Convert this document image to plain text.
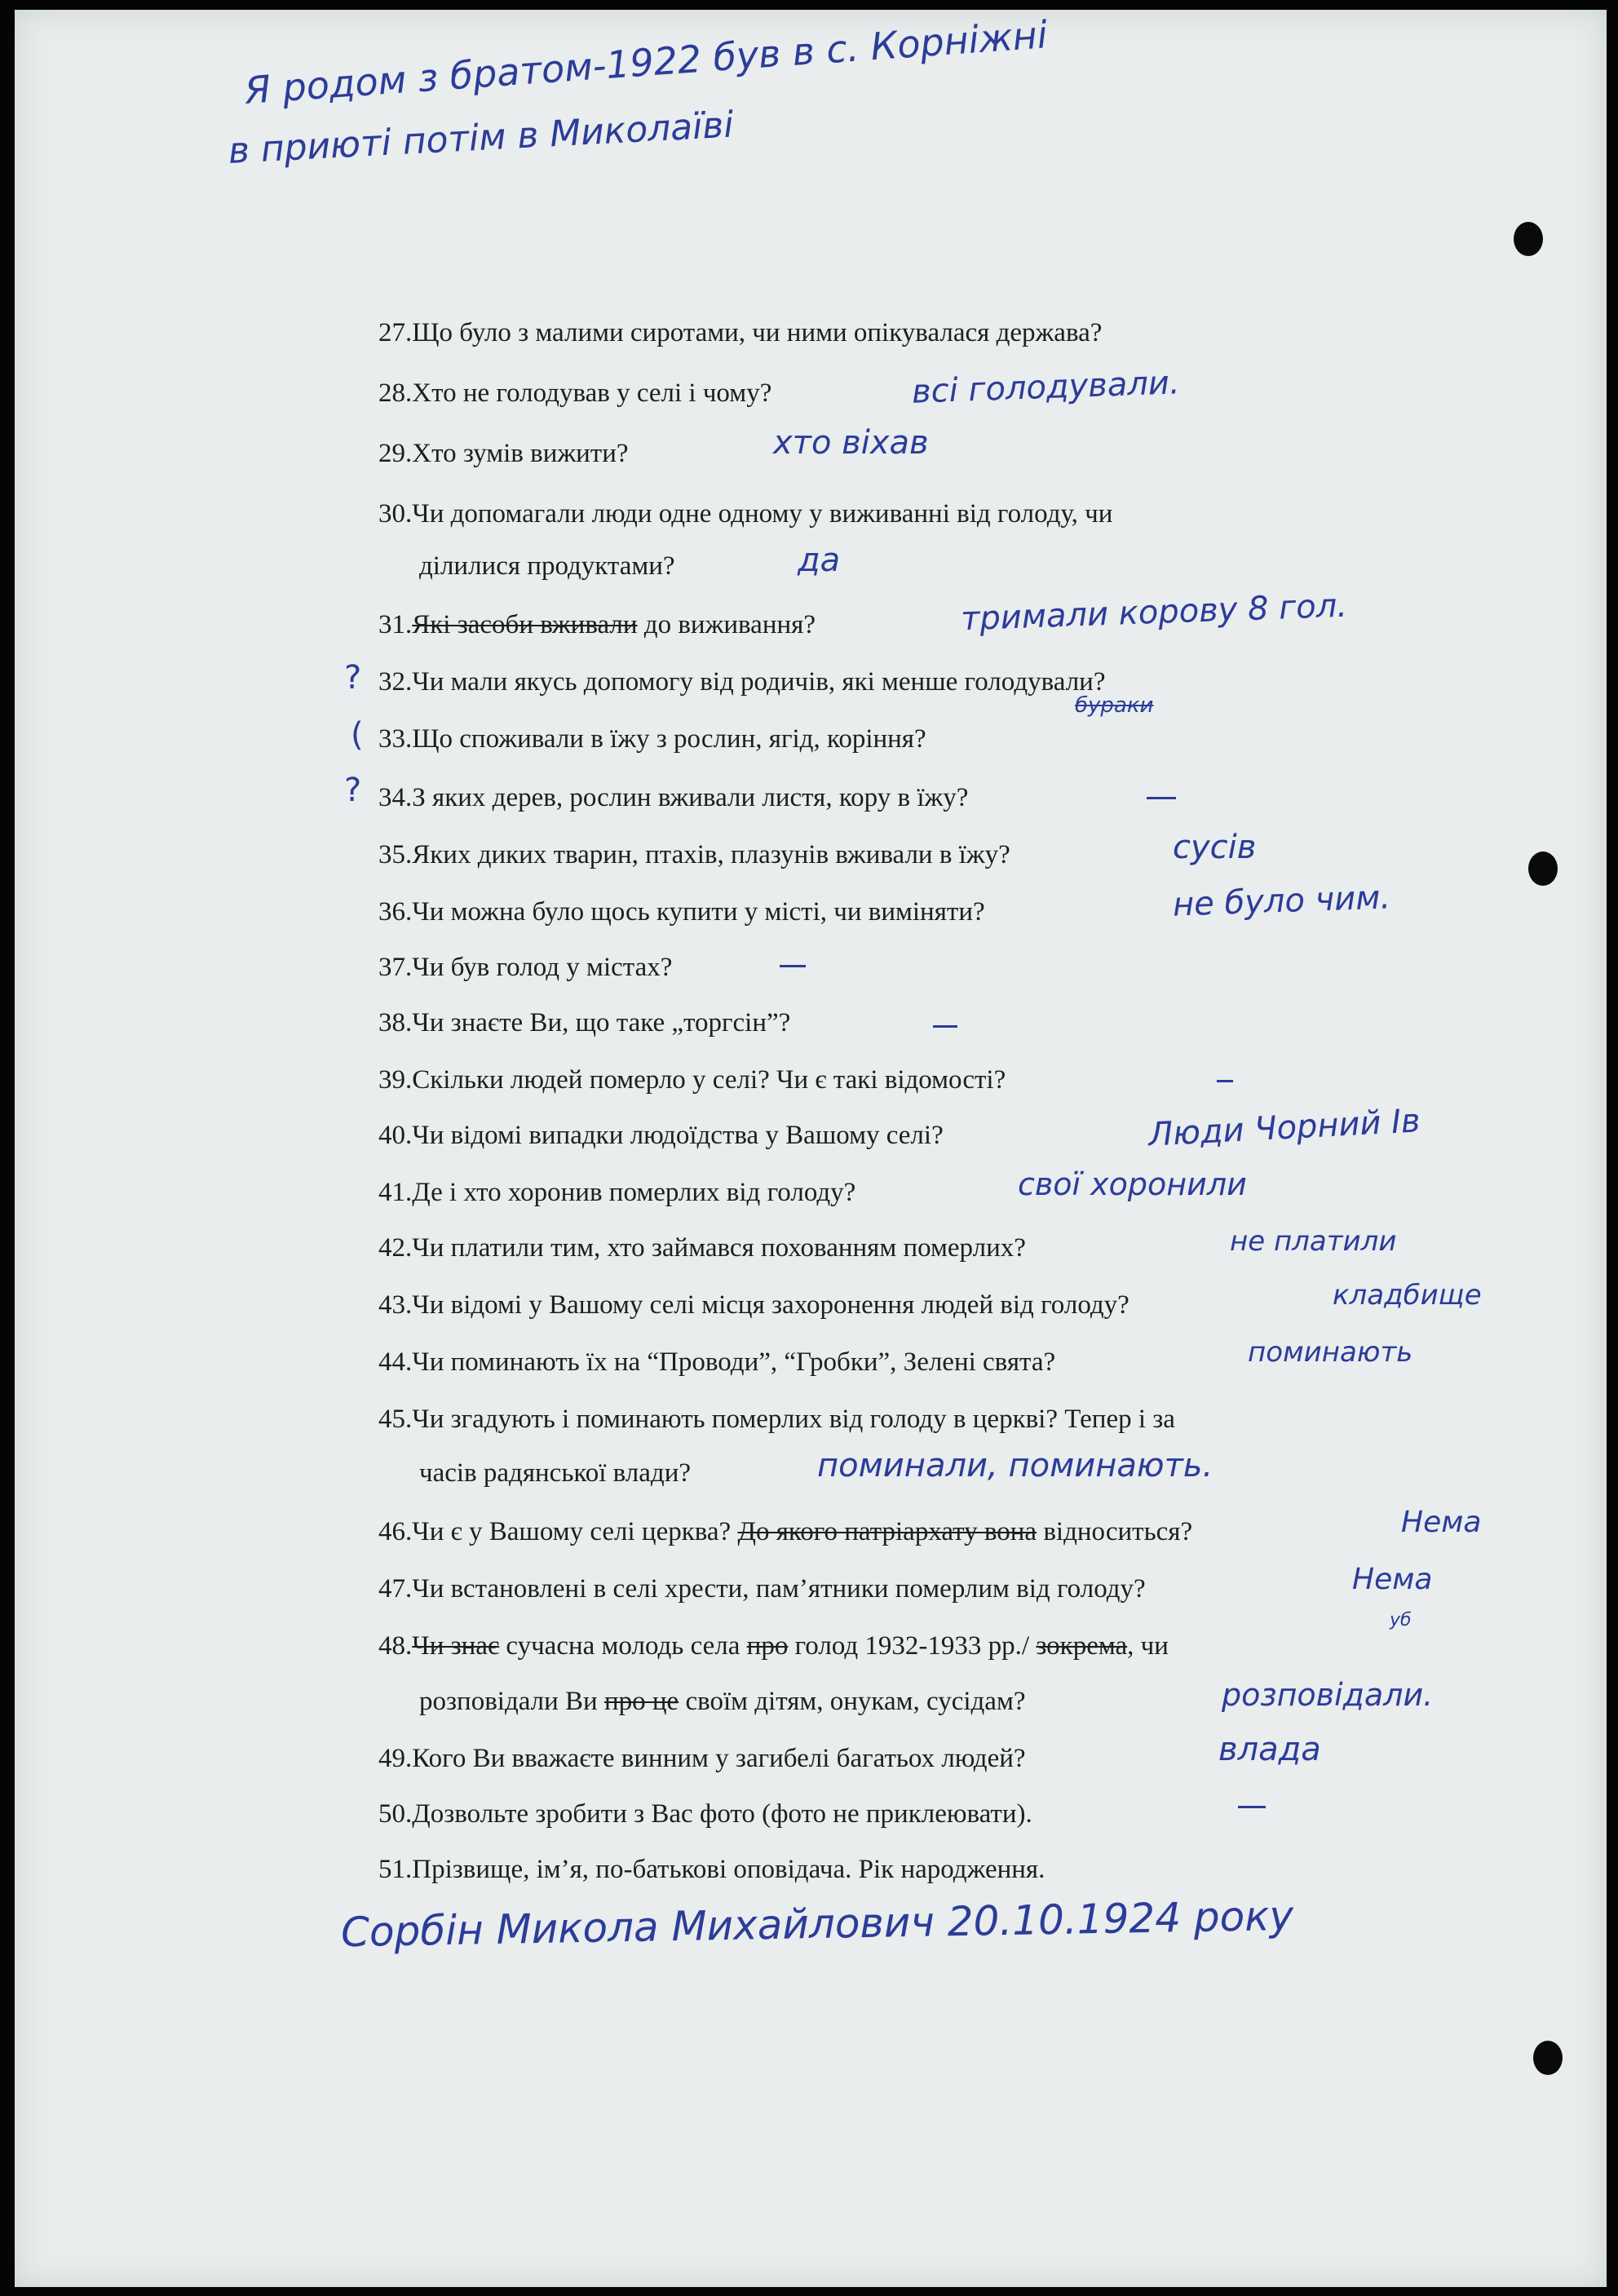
Я родом з братом-1922 був в с. Корніжні
в приюті потім в Миколаїві
27.Що було з малими сиротами, чи ними опікувалася держава?
28.Хто не голодував у селі і чому?
29.Хто зумів вижити?
30.Чи допомагали люди одне одному у виживанні від голоду, чи
ділилися продуктами?
31.Які засоби вживали до виживання?
32.Чи мали якусь допомогу від родичів, які менше голодували?
33.Що споживали в їжу з рослин, ягід, коріння?
34.З яких дерев, рослин вживали листя, кору в їжу?
35.Яких диких тварин, птахів, плазунів вживали в їжу?
36.Чи можна було щось купити у місті, чи виміняти?
37.Чи був голод у містах?
38.Чи знаєте Ви, що таке „торгсін”?
39.Скільки людей померло у селі? Чи є такі відомості?
40.Чи відомі випадки людоїдства у Вашому селі?
41.Де і хто хоронив померлих від голоду?
42.Чи платили тим, хто займався похованням померлих?
43.Чи відомі у Вашому селі місця захоронення людей від голоду?
44.Чи поминають їх на “Проводи”, “Гробки”, Зелені свята?
45.Чи згадують і поминають померлих від голоду в церкві? Тепер і за
часів радянської влади?
46.Чи є у Вашому селі церква? До якого патріархату вона відноситься?
47.Чи встановлені в селі хрести, пам’ятники померлим від голоду?
48.Чи знає сучасна молодь села про голод 1932-1933 рр./ зокрема, чи
розповідали Ви про це своїм дітям, онукам, сусідам?
49.Кого Ви вважаєте винним у загибелі багатьох людей?
50.Дозвольте зробити з Вас фото (фото не приклеювати).
51.Прізвище, ім’я, по-батькові оповідача. Рік народження.
всі голодували.
хто віхав
да
тримали корову 8 гол.
бураки
сусів
не було чим.
Люди Чорний Ів
свої хоронили
не платили
кладбище
поминають
поминали, поминають.
Нема
Нема
уб
розповідали.
влада
Сорбін Микола Михайлович 20.10.1924 року
?
(
?
